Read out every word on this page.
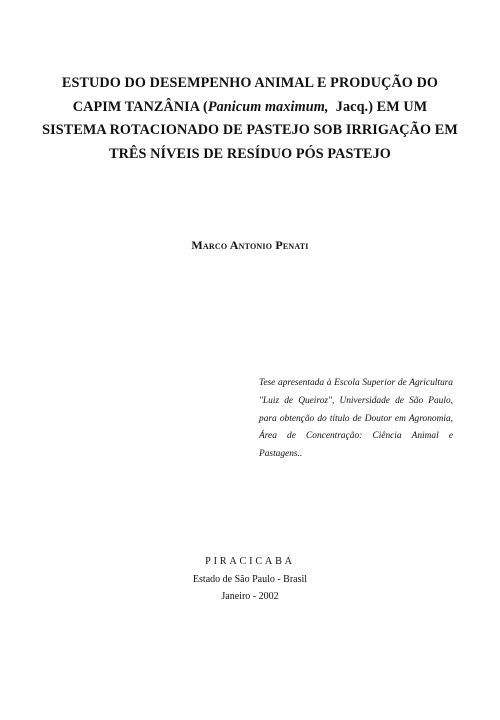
ESTUDO DO DESEMPENHO ANIMAL E PRODUÇÃO DO
CAPIM TANZÂNIA (Panicum maximum,  Jacq.) EM UM
SISTEMA ROTACIONADO DE PASTEJO SOB IRRIGAÇÃO EM
TRÊS NÍVEIS DE RESÍDUO PÓS PASTEJO
Marco Antonio Penati
Tese apresentada à Escola Superior de Agricultura "Luiz de Queiroz", Universidade de São Paulo, para obtenção do título de Doutor em Agronomia, Área de Concentração: Ciência Animal e Pastagens..
PIRACICABA
Estado de São Paulo - Brasil
Janeiro - 2002
